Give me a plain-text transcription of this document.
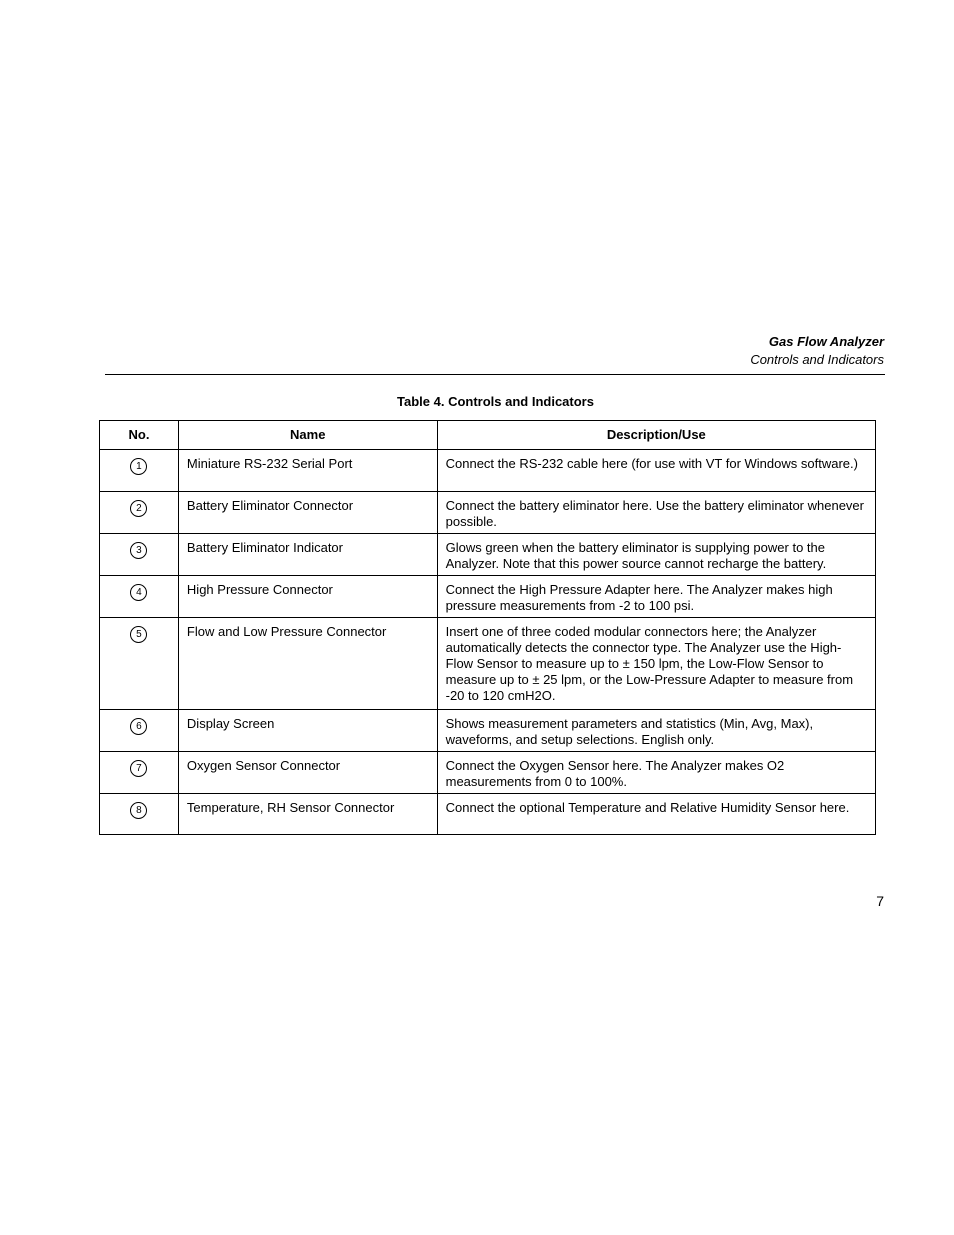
Gas Flow Analyzer
Controls and Indicators
Table 4. Controls and Indicators
No.	Name	Description/Use
1	Miniature RS-232 Serial Port	Connect the RS-232 cable here (for use with VT for Windows software.)
2	Battery Eliminator Connector	Connect the battery eliminator here. Use the battery eliminator whenever possible.
3	Battery Eliminator Indicator	Glows green when the battery eliminator is supplying power to the Analyzer. Note that this power source cannot recharge the battery.
4	High Pressure Connector	Connect the High Pressure Adapter here. The Analyzer makes high pressure measurements from -2 to 100 psi.
5	Flow and Low Pressure Connector	Insert one of three coded modular connectors here; the Analyzer automatically detects the connector type. The Analyzer use the High-Flow Sensor to measure up to ± 150 lpm, the Low-Flow Sensor to measure up to ± 25 lpm, or the Low-Pressure Adapter to measure from -20 to 120 cmH2O.
6	Display Screen	Shows measurement parameters and statistics (Min, Avg, Max), waveforms, and setup selections. English only.
7	Oxygen Sensor Connector	Connect the Oxygen Sensor here. The Analyzer makes O2 measurements from 0 to 100%.
8	Temperature, RH Sensor Connector	Connect the optional Temperature and Relative Humidity Sensor here.
7
